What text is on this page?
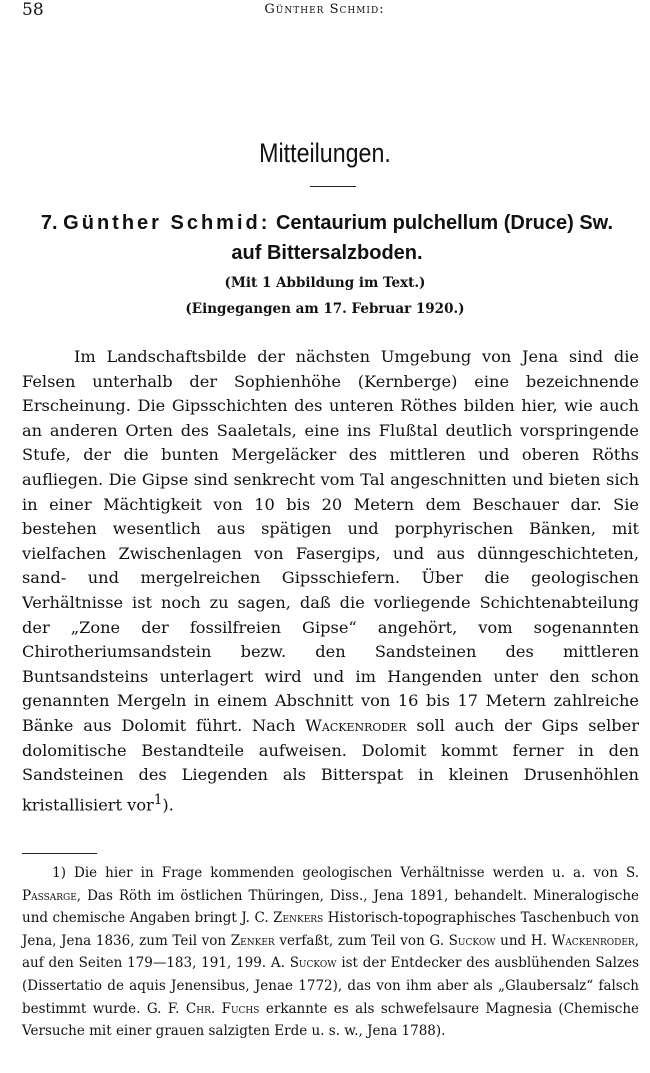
58	Günther Schmid:
Mitteilungen.
7. Günther Schmid: Centaurium pulchellum (Druce) Sw.
auf Bittersalzboden.
(Mit 1 Abbildung im Text.)
(Eingegangen am 17. Februar 1920.)

Im Landschaftsbilde der nächsten Umgebung von Jena sind die Felsen unterhalb der Sophienhöhe (Kernberge) eine bezeichnende Erscheinung. Die Gipsschichten des unteren Röthes bilden hier, wie auch an anderen Orten des Saaletals, eine ins Flußtal deutlich vorspringende Stufe, der die bunten Mergeläcker des mittleren und oberen Röths aufliegen. Die Gipse sind senkrecht vom Tal angeschnitten und bieten sich in einer Mächtigkeit von 10 bis 20 Metern dem Beschauer dar. Sie bestehen wesentlich aus spätigen und porphyrischen Bänken, mit vielfachen Zwischenlagen von Fasergips, und aus dünngeschichteten, sand- und mergelreichen Gipsschiefern. Über die geologischen Verhältnisse ist noch zu sagen, daß die vorliegende Schichtenabteilung der „Zone der fossilfreien Gipse“ angehört, vom sogenannten Chirotheriumsandstein bezw. den Sandsteinen des mittleren Buntsandsteins unterlagert wird und im Hangenden unter den schon genannten Mergeln in einem Abschnitt von 16 bis 17 Metern zahlreiche Bänke aus Dolomit führt. Nach Wackenroder soll auch der Gips selber dolomitische Bestandteile aufweisen. Dolomit kommt ferner in den Sandsteinen des Liegenden als Bitterspat in kleinen Drusenhöhlen kristallisiert vor$^1$).

1) Die hier in Frage kommenden geologischen Verhältnisse werden u. a. von S. Passarge, Das Röth im östlichen Thüringen, Diss., Jena 1891, behandelt. Mineralogische und chemische Angaben bringt J. C. Zenkers Historisch-topographisches Taschenbuch von Jena, Jena 1836, zum Teil von Zenker verfaßt, zum Teil von G. Suckow und H. Wackenroder, auf den Seiten 179—183, 191, 199. A. Suckow ist der Entdecker des ausblühenden Salzes (Dissertatio de aquis Jenensibus, Jenae 1772), das von ihm aber als „Glaubersalz“ falsch bestimmt wurde. G. F. Chr. Fuchs erkannte es als schwefelsaure Magnesia (Chemische Versuche mit einer grauen salzigten Erde u. s. w., Jena 1788).
